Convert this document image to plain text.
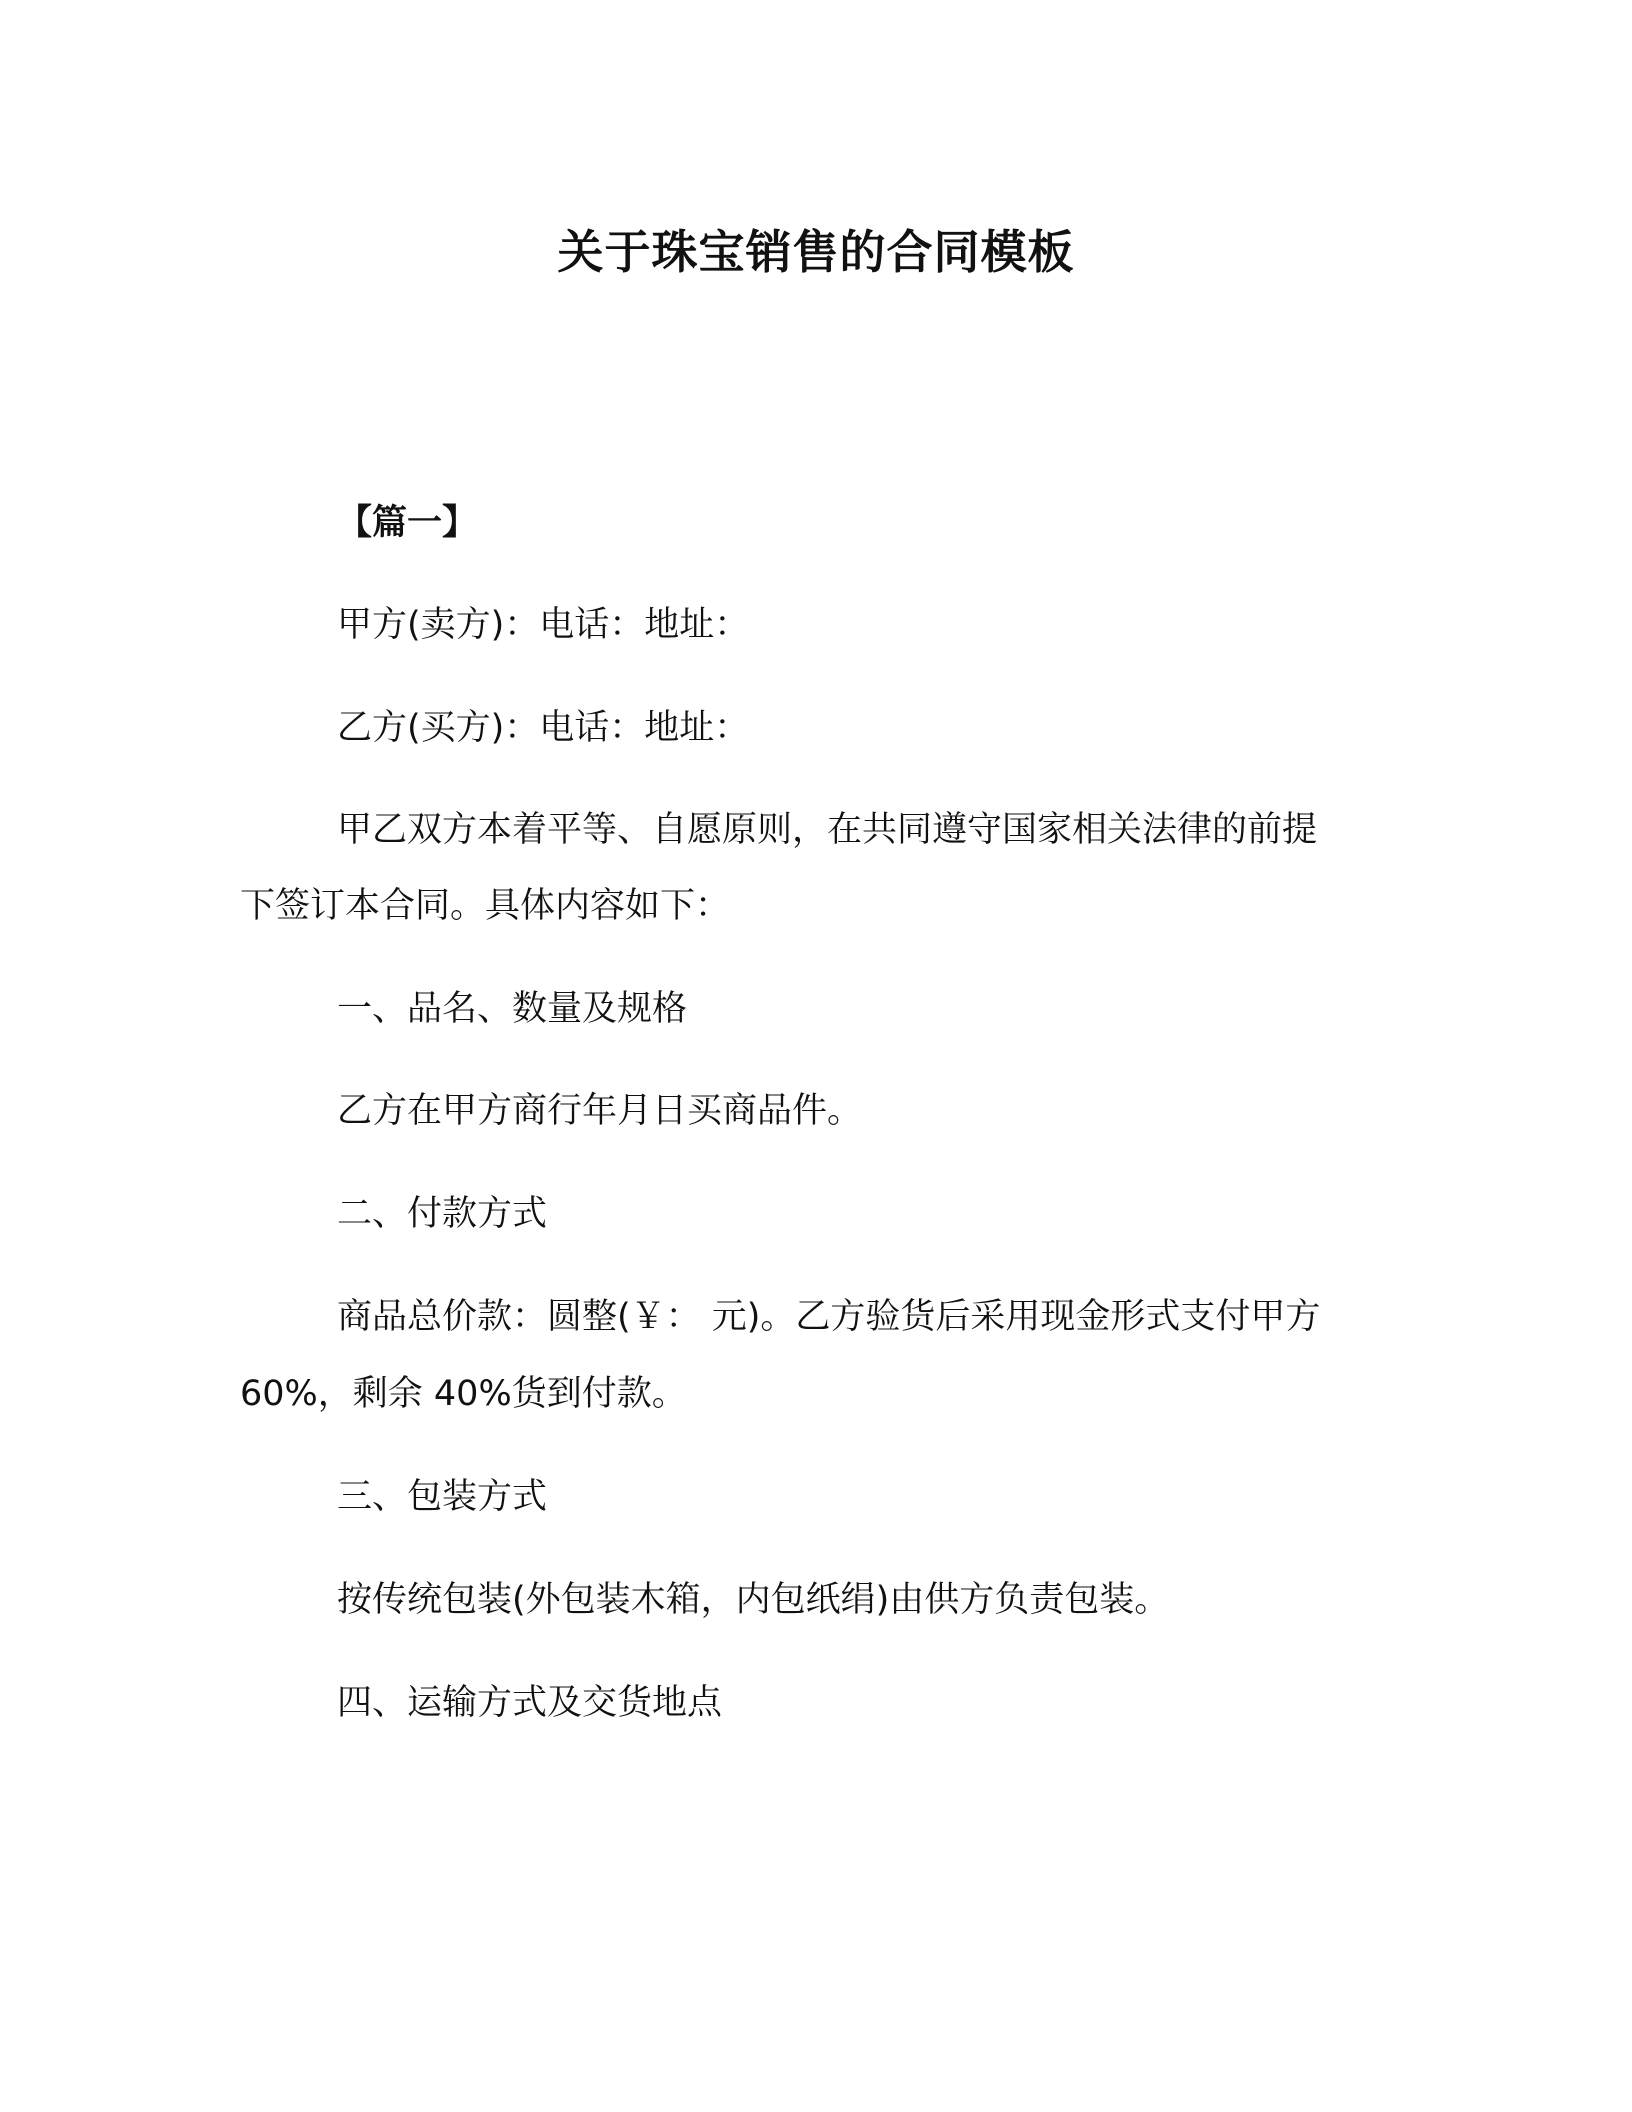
关于珠宝销售的合同模板

【篇一】

甲方(卖方)：电话：地址：

乙方(买方)：电话：地址：

甲乙双方本着平等、自愿原则，在共同遵守国家相关法律的前提

下签订本合同。具体内容如下：

一、品名、数量及规格

乙方在甲方商行年月日买商品件。

二、付款方式

商品总价款：圆整(￥： 元)。乙方验货后采用现金形式支付甲方

60%，剩余 40%货到付款。

三、包装方式

按传统包装(外包装木箱，内包纸绢)由供方负责包装。

四、运输方式及交货地点
